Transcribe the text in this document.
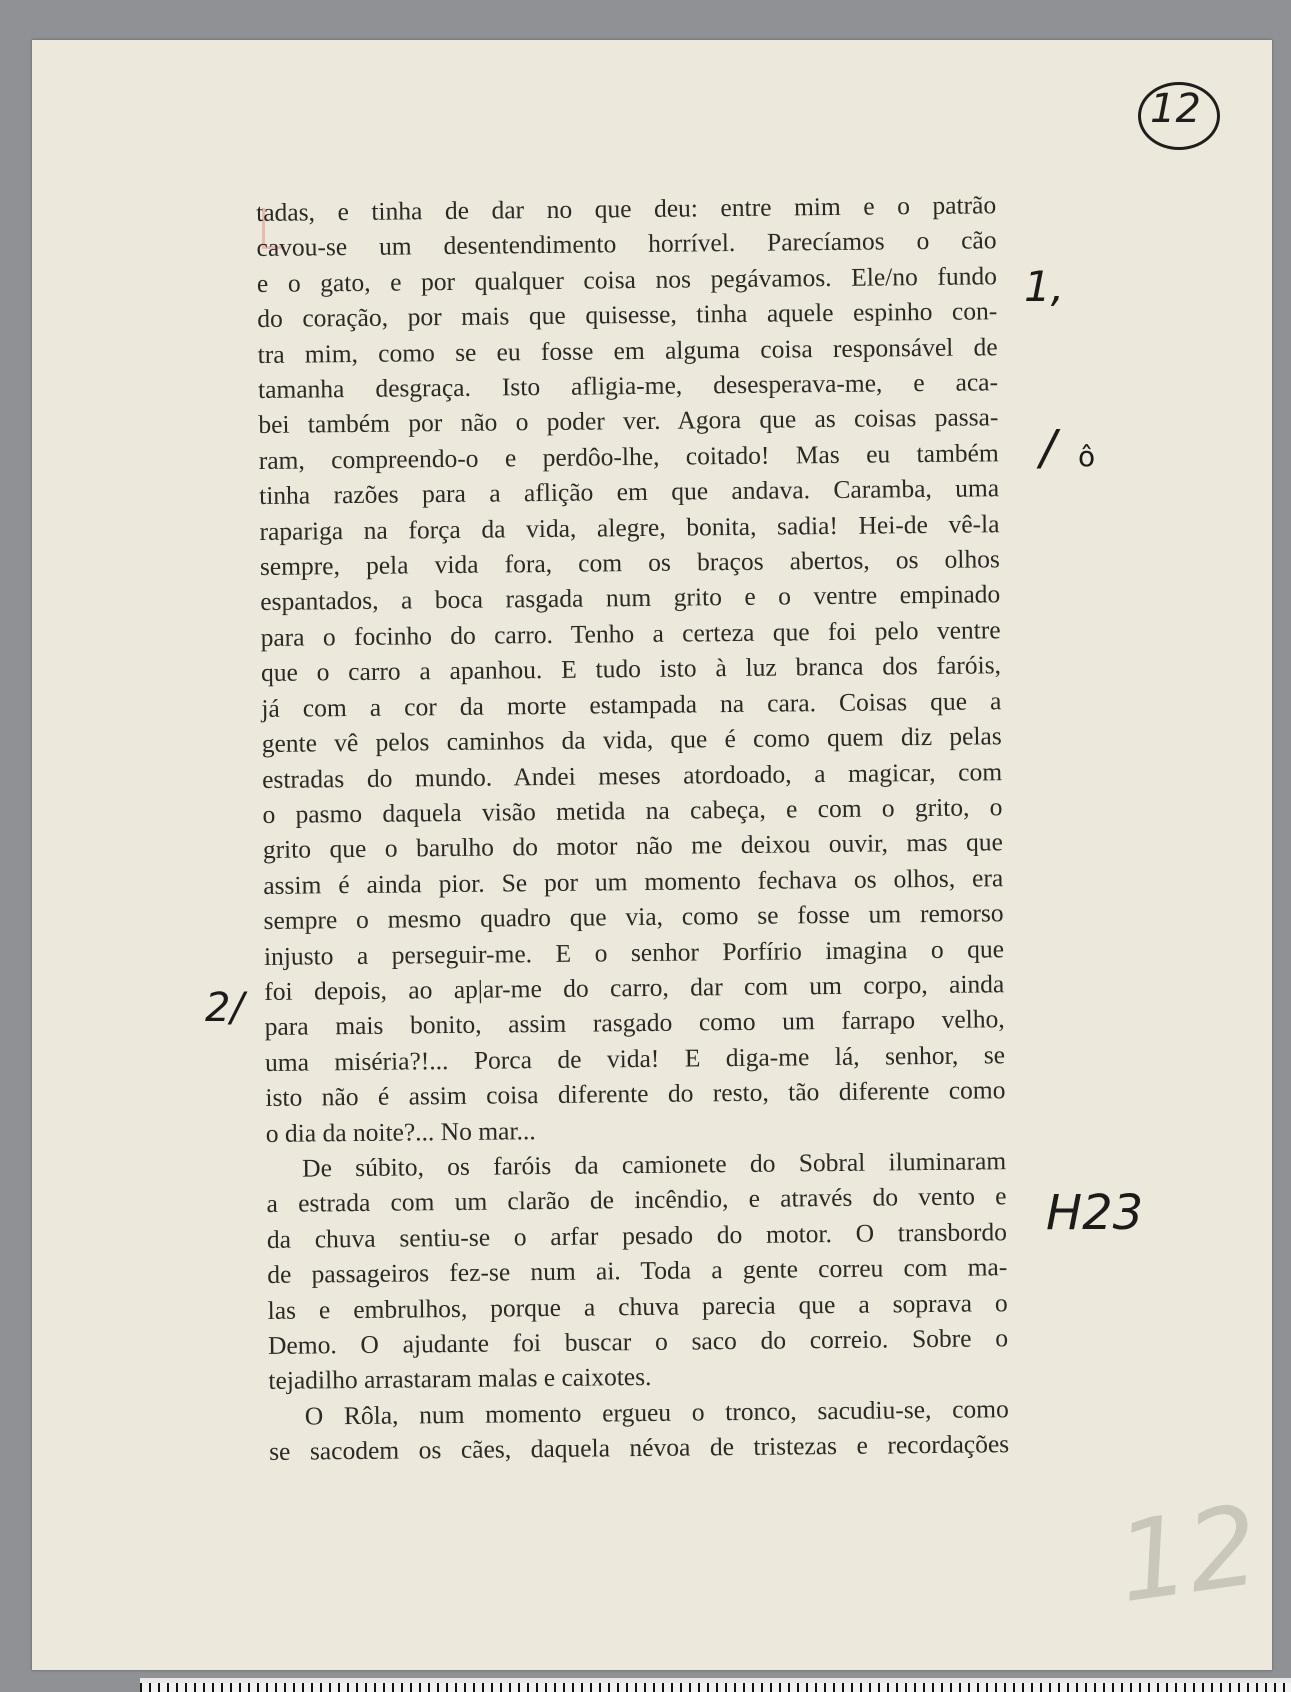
12
1,
/ ô
2/
H23
tadas, e tinha de dar no que deu: entre mim e o patrão
cavou-se um desentendimento horrível. Parecíamos o cão
e o gato, e por qualquer coisa nos pegávamos. Ele/no fundo
do coração, por mais que quisesse, tinha aquele espinho con-
tra mim, como se eu fosse em alguma coisa responsável de
tamanha desgraça. Isto afligia-me, desesperava-me, e aca-
bei também por não o poder ver. Agora que as coisas passa-
ram, compreendo-o e perdôo-lhe, coitado! Mas eu também
tinha razões para a aflição em que andava. Caramba, uma
rapariga na força da vida, alegre, bonita, sadia! Hei-de vê-la
sempre, pela vida fora, com os braços abertos, os olhos
espantados, a boca rasgada num grito e o ventre empinado
para o focinho do carro. Tenho a certeza que foi pelo ventre
que o carro a apanhou. E tudo isto à luz branca dos faróis,
já com a cor da morte estampada na cara. Coisas que a
gente vê pelos caminhos da vida, que é como quem diz pelas
estradas do mundo. Andei meses atordoado, a magicar, com
o pasmo daquela visão metida na cabeça, e com o grito, o
grito que o barulho do motor não me deixou ouvir, mas que
assim é ainda pior. Se por um momento fechava os olhos, era
sempre o mesmo quadro que via, como se fosse um remorso
injusto a perseguir-me. E o senhor Porfírio imagina o que
foi depois, ao ap|ar-me do carro, dar com um corpo, ainda
para mais bonito, assim rasgado como um farrapo velho,
uma miséria?!... Porca de vida! E diga-me lá, senhor, se
isto não é assim coisa diferente do resto, tão diferente como
o dia da noite?... No mar...
De súbito, os faróis da camionete do Sobral iluminaram
a estrada com um clarão de incêndio, e através do vento e
da chuva sentiu-se o arfar pesado do motor. O transbordo
de passageiros fez-se num ai. Toda a gente correu com ma-
las e embrulhos, porque a chuva parecia que a soprava o
Demo. O ajudante foi buscar o saco do correio. Sobre o
tejadilho arrastaram malas e caixotes.
O Rôla, num momento ergueu o tronco, sacudiu-se, como
se sacodem os cães, daquela névoa de tristezas e recordações
12
